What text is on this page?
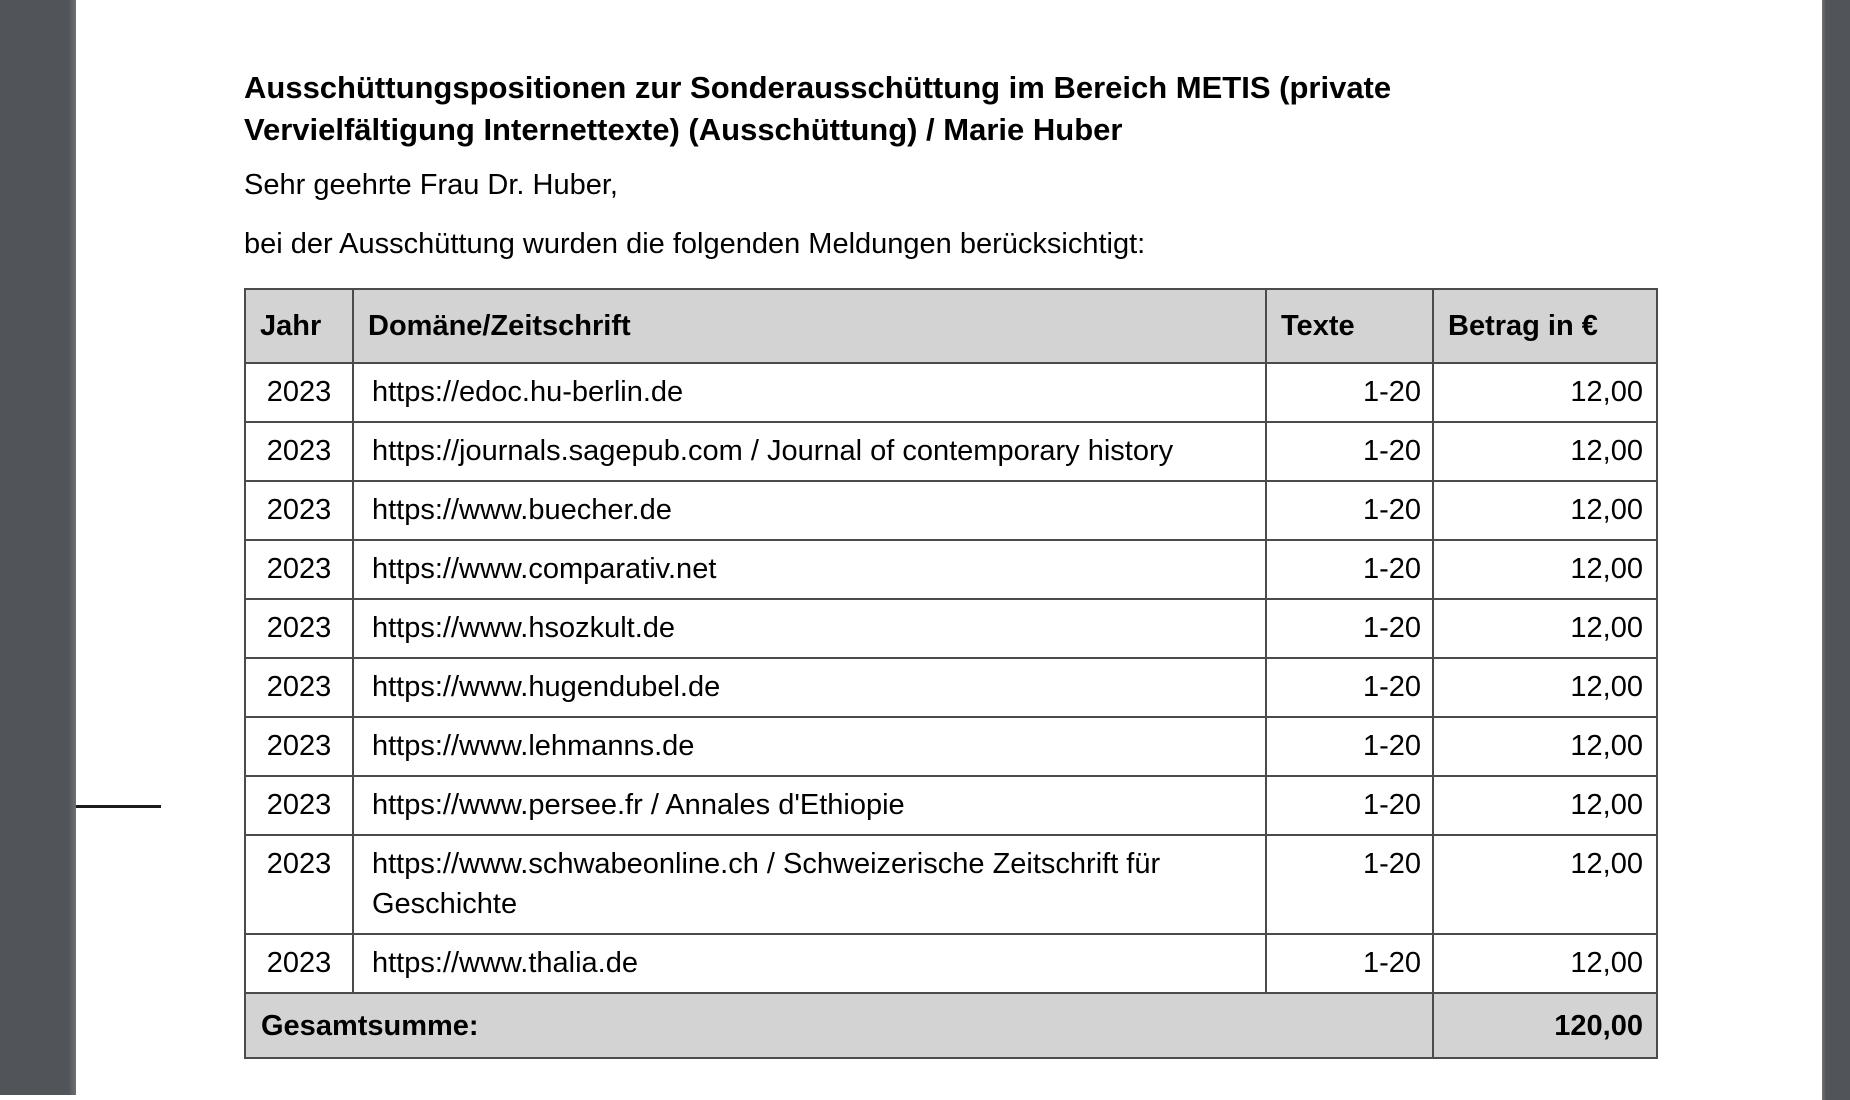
Ausschüttungspositionen zur Sonderausschüttung im Bereich METIS (private Vervielfältigung Internettexte) (Ausschüttung) / Marie Huber

Sehr geehrte Frau Dr. Huber,

bei der Ausschüttung wurden die folgenden Meldungen berücksichtigt:

Jahr	Domäne/Zeitschrift	Texte	Betrag in €
2023	https://edoc.hu-berlin.de	1-20	12,00
2023	https://journals.sagepub.com / Journal of contemporary history	1-20	12,00
2023	https://www.buecher.de	1-20	12,00
2023	https://www.comparativ.net	1-20	12,00
2023	https://www.hsozkult.de	1-20	12,00
2023	https://www.hugendubel.de	1-20	12,00
2023	https://www.lehmanns.de	1-20	12,00
2023	https://www.persee.fr / Annales d'Ethiopie	1-20	12,00
2023	https://www.schwabeonline.ch / Schweizerische Zeitschrift für Geschichte	1-20	12,00
2023	https://www.thalia.de	1-20	12,00
Gesamtsumme:			120,00
